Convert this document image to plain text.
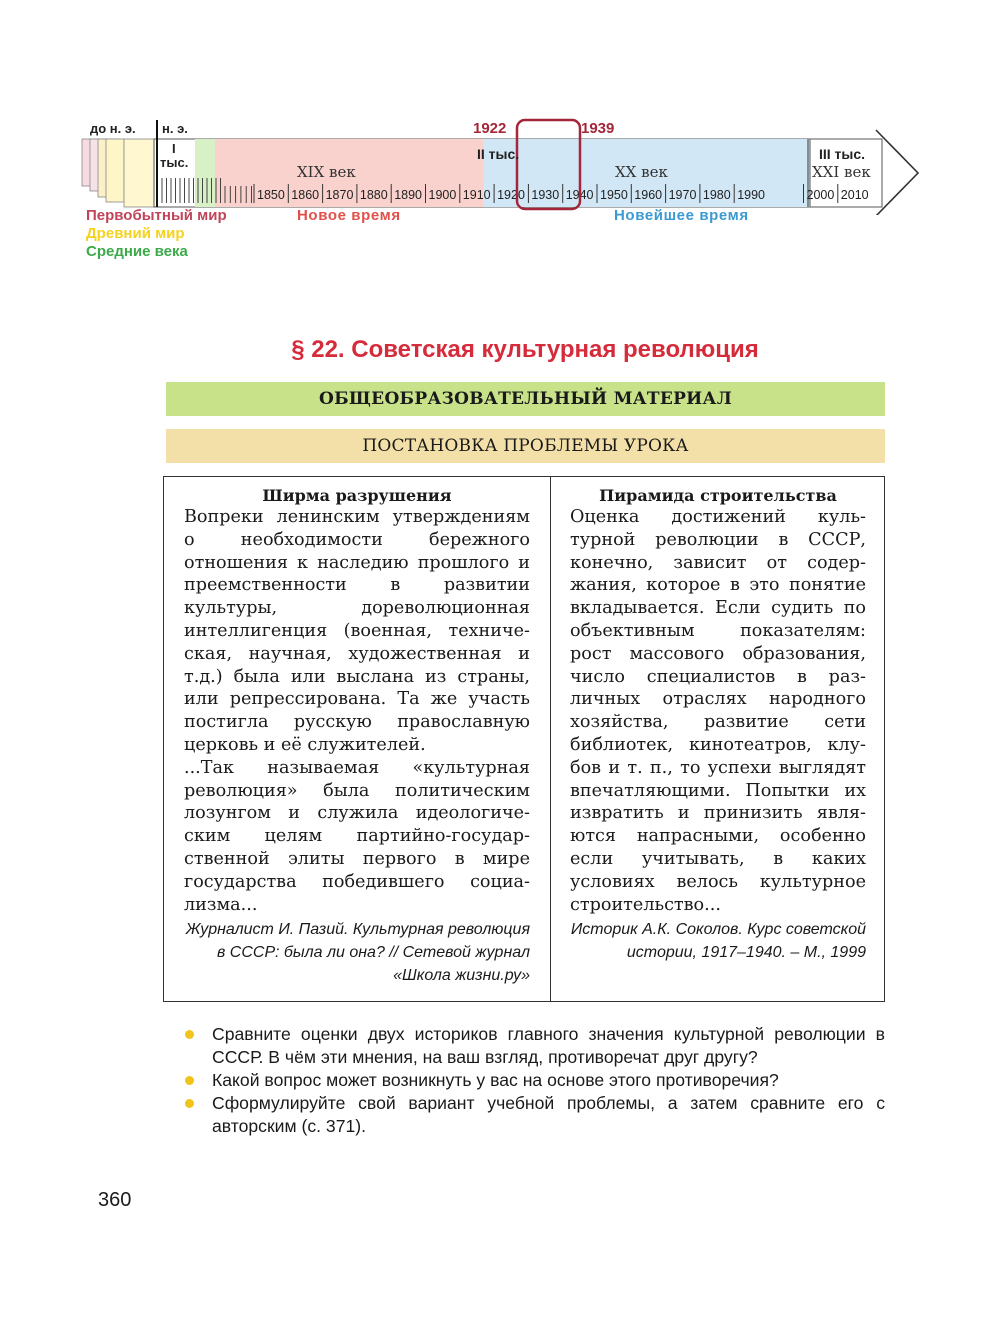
1850 1860 1870 1880 1890 1900 1910 1920 1930 1940 1950 1960 1970 1980 1990	2000 2010
до н. э. н. э.
I
тыс.
1922	1939
II тыс.	III тыс.
XIX век	XX век	XXI век
Первобытный мир
Древний мир
Средние века
Новое время	Новейшее время
§ 22. Советская культурная революция
ОБЩЕОБРАЗОВАТЕЛЬНЫЙ МАТЕРИАЛ
ПОСТАНОВКА ПРОБЛЕМЫ УРОКА
Ширма разрушения

Вопреки ленинским утверждениям о необходимости бережного отношения к наследию прошлого и преемственности в развитии культуры, дореволюционная интеллигенция (военная, техническая, научная, художественная и т.д.) была или выслана из страны, или репрессирована. Та же участь постигла русскую православную церковь и её служителей.

...Так называемая «культурная революция» была политическим лозунгом и служила идеологическим целям партийно-государственной элиты первого в мире государства победившего социализма...

Журналист И. Пазий. Культурная революция в СССР: была ли она? // Сетевой журнал «Школа жизни.ру»
Пирамида строительства

Оценка достижений культурной революции в СССР, конечно, зависит от содержания, которое в это понятие вкладывается. Если судить по объективным показателям: рост массового образования, число специалистов в различных отраслях народного хозяйства, развитие сети библиотек, кинотеатров, клубов и т. п., то успехи выглядят впечатляющими. Попытки их извратить и принизить являются напрасными, особенно если учитывать, в каких условиях велось культурное строительство...

Историк А.К. Соколов. Курс советской истории, 1917–1940. – М., 1999
Сравните оценки двух историков главного значения культурной революции в СССР. В чём эти мнения, на ваш взгляд, противоречат друг другу?
Какой вопрос может возникнуть у вас на основе этого противоречия?
Сформулируйте свой вариант учебной проблемы, а затем сравните его с авторским (с. 371).
360
